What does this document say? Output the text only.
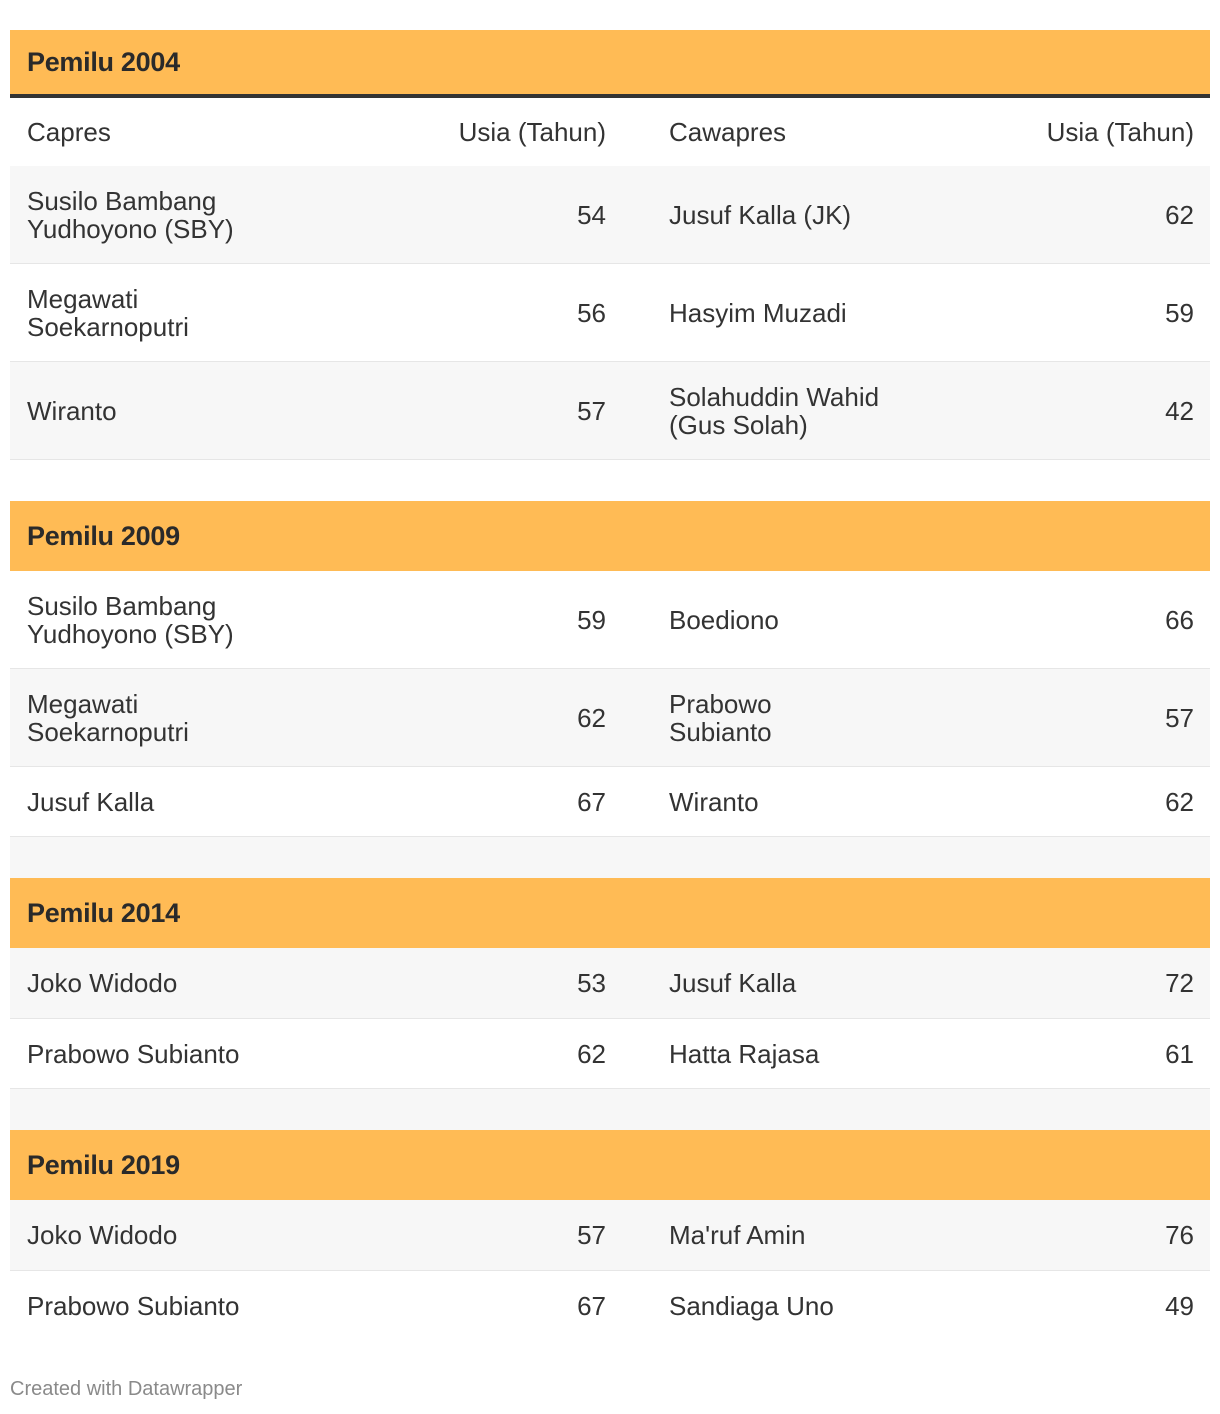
Pemilu 2004
Capres	Usia (Tahun)	Cawapres	Usia (Tahun)
Susilo Bambang Yudhoyono (SBY)	54	Jusuf Kalla (JK)	62
Megawati Soekarnoputri	56	Hasyim Muzadi	59
Wiranto	57	Solahuddin Wahid (Gus Solah)	42
Pemilu 2009
Susilo Bambang Yudhoyono (SBY)	59	Boediono	66
Megawati Soekarnoputri	62	Prabowo Subianto	57
Jusuf Kalla	67	Wiranto	62
Pemilu 2014
Joko Widodo	53	Jusuf Kalla	72
Prabowo Subianto	62	Hatta Rajasa	61
Pemilu 2019
Joko Widodo	57	Ma'ruf Amin	76
Prabowo Subianto	67	Sandiaga Uno	49
Created with Datawrapper
